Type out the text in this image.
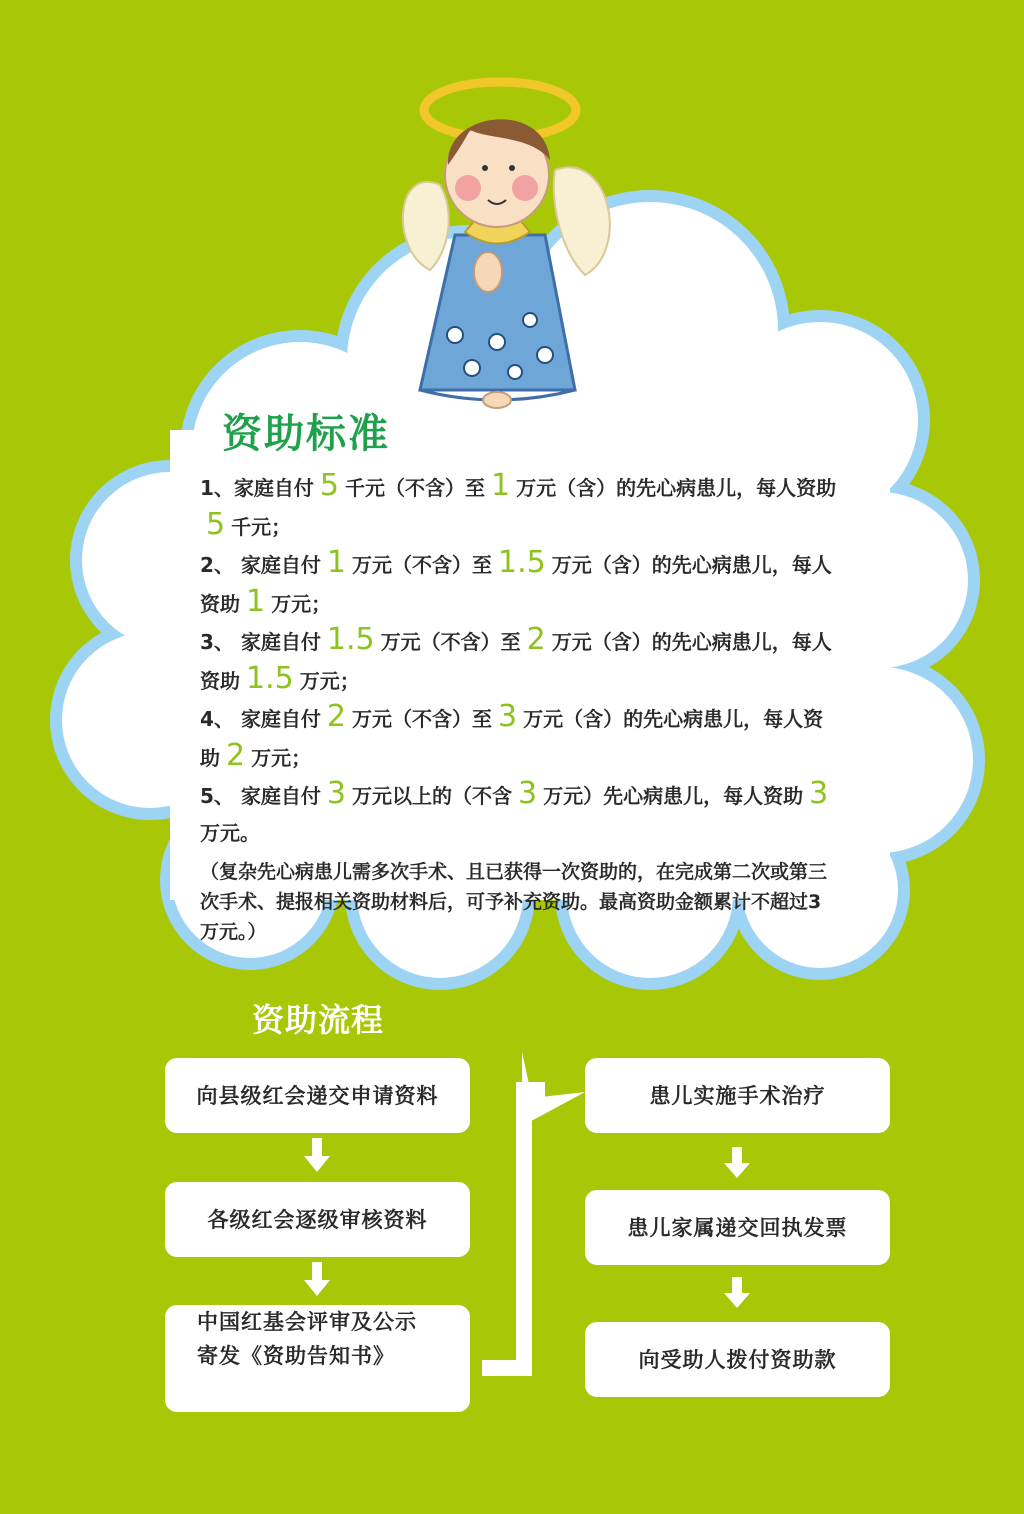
资助标准
1、家庭自付 5 千元（不含）至 1 万元（含）的先心病患儿，每人资助5 千元；
2、 家庭自付 1 万元（不含）至 1.5 万元（含）的先心病患儿，每人资助 1 万元；
3、 家庭自付 1.5 万元（不含）至 2 万元（含）的先心病患儿，每人资助 1.5 万元；
4、 家庭自付 2 万元（不含）至 3 万元（含）的先心病患儿，每人资助 2 万元；
5、 家庭自付 3 万元以上的（不含 3 万元）先心病患儿，每人资助 3万元。
（复杂先心病患儿需多次手术、且已获得一次资助的，在完成第二次或第三次手术、提报相关资助材料后，可予补充资助。最高资助金额累计不超过3万元。）
资助流程
向县级红会递交申请资料
各级红会逐级审核资料
中国红基会评审及公示
寄发《资助告知书》
患儿实施手术治疗
患儿家属递交回执发票
向受助人拨付资助款
